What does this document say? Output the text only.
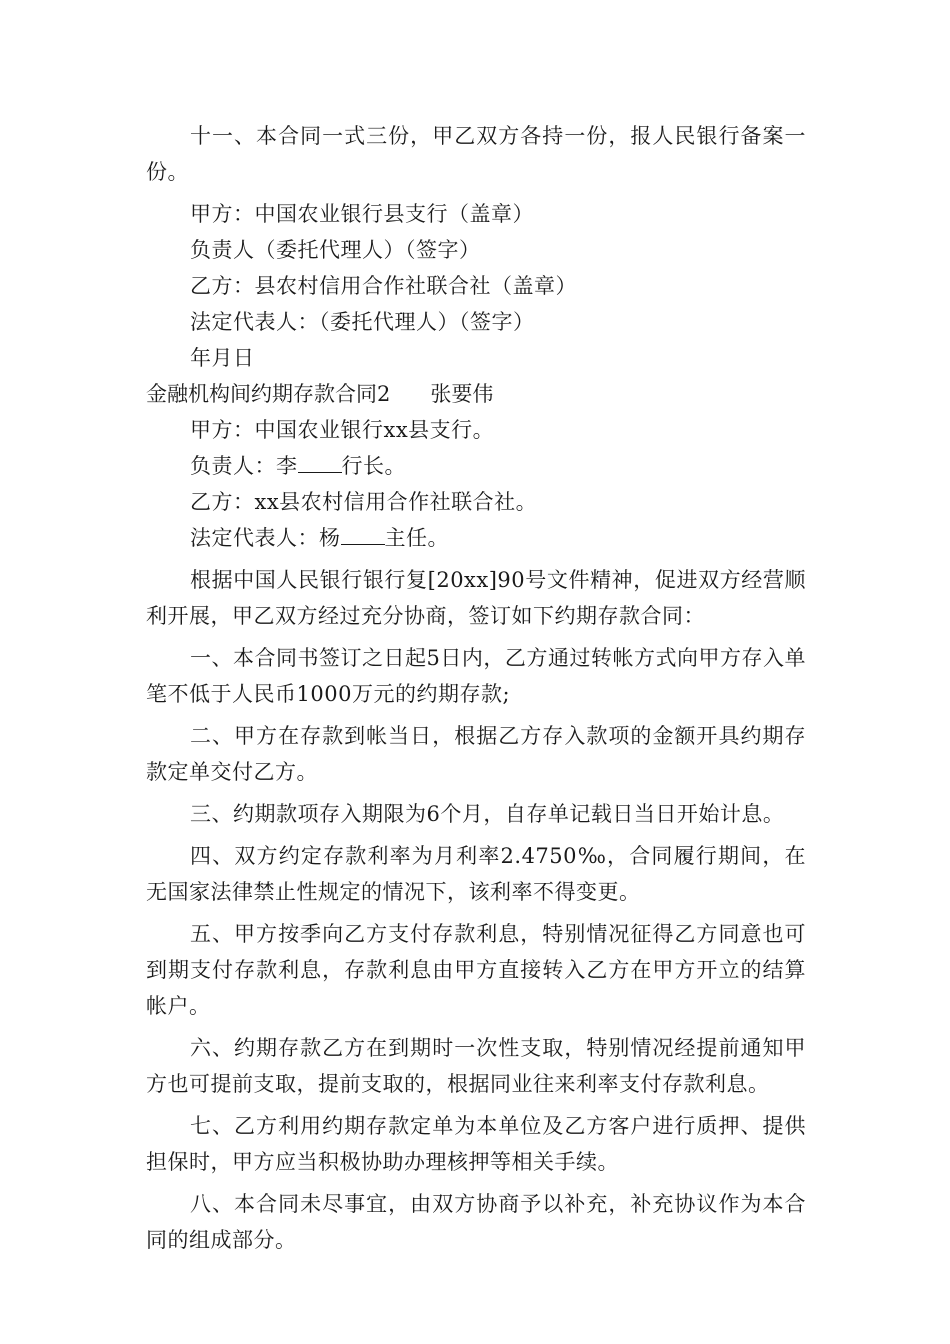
十一、本合同一式三份，甲乙双方各持一份，报人民银行备案一份。

甲方：中国农业银行县支行（盖章）

负责人（委托代理人）（签字）

乙方：县农村信用合作社联合社（盖章）

法定代表人：（委托代理人）（签字）

年月日

金融机构间约期存款合同2 张要伟

甲方：中国农业银行xx县支行。

负责人：李 行长。

乙方：xx县农村信用合作社联合社。

法定代表人：杨 主任。

根据中国人民银行银行复[20xx]90号文件精神，促进双方经营顺利开展，甲乙双方经过充分协商，签订如下约期存款合同：

一、本合同书签订之日起5日内，乙方通过转帐方式向甲方存入单笔不低于人民币1000万元的约期存款;

二、甲方在存款到帐当日，根据乙方存入款项的金额开具约期存款定单交付乙方。

三、约期款项存入期限为6个月，自存单记载日当日开始计息。

四、双方约定存款利率为月利率2.4750‰，合同履行期间，在无国家法律禁止性规定的情况下，该利率不得变更。

五、甲方按季向乙方支付存款利息，特别情况征得乙方同意也可到期支付存款利息，存款利息由甲方直接转入乙方在甲方开立的结算帐户。

六、约期存款乙方在到期时一次性支取，特别情况经提前通知甲方也可提前支取，提前支取的，根据同业往来利率支付存款利息。

七、乙方利用约期存款定单为本单位及乙方客户进行质押、提供担保时，甲方应当积极协助办理核押等相关手续。

八、本合同未尽事宜，由双方协商予以补充，补充协议作为本合同的组成部分。
